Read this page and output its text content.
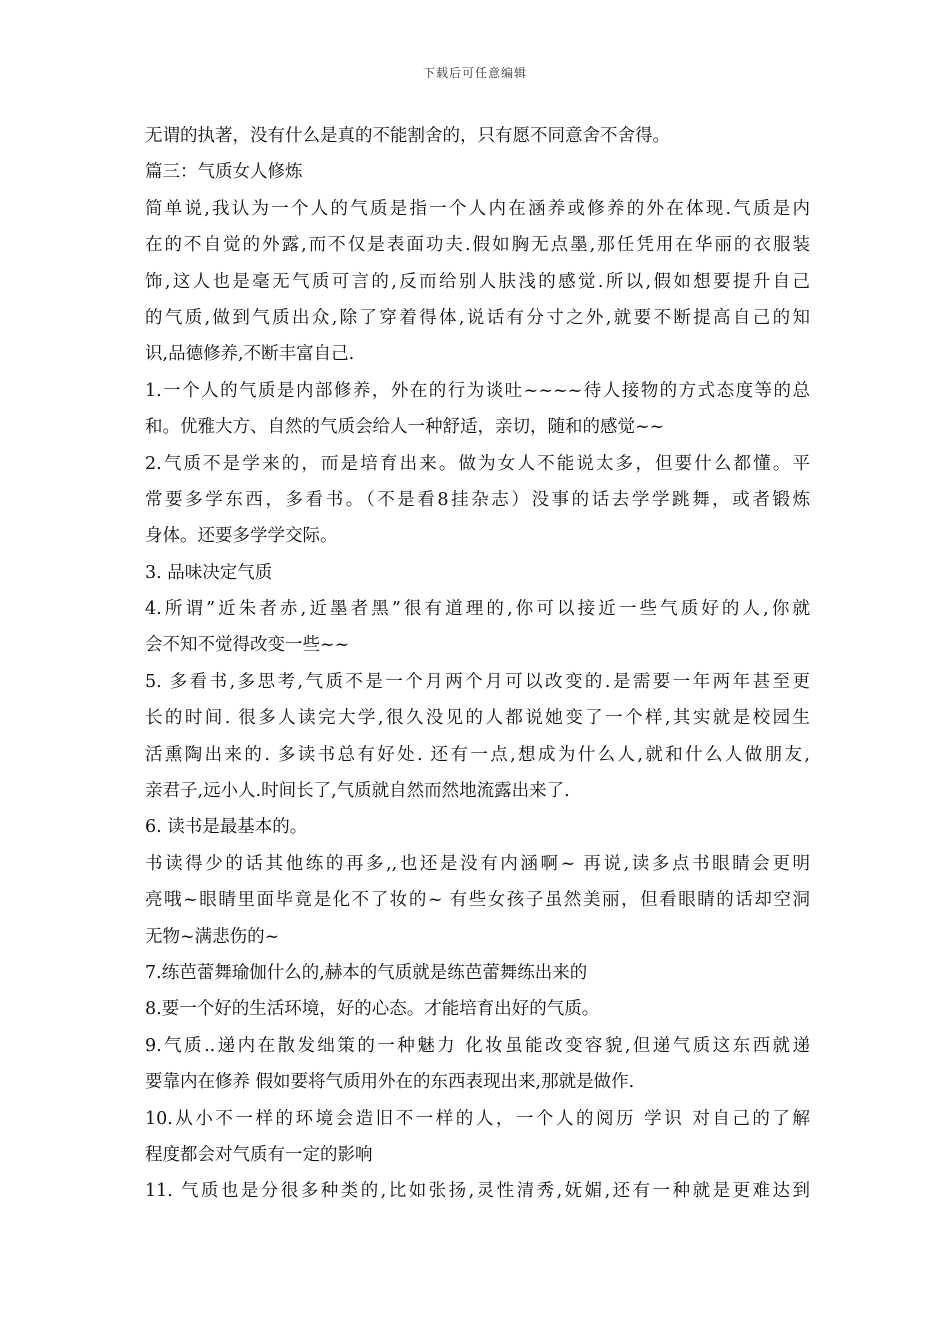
下载后可任意编辑
无谓的执著，没有什么是真的不能割舍的，只有愿不同意舍不舍得。
篇三：气质女人修炼
简单说,我认为一个人的气质是指一个人内在涵养或修养的外在体现.气质是内
在的不自觉的外露,而不仅是表面功夫.假如胸无点墨,那任凭用在华丽的衣服装
饰,这人也是毫无气质可言的,反而给别人肤浅的感觉.所以,假如想要提升自己
的气质,做到气质出众,除了穿着得体,说话有分寸之外,就要不断提高自己的知
识,品德修养,不断丰富自己.
1.一个人的气质是内部修养，外在的行为谈吐~~~~待人接物的方式态度等的总
和。优雅大方、自然的气质会给人一种舒适，亲切，随和的感觉~~
2.气质不是学来的，而是培育出来。做为女人不能说太多，但要什么都懂。平
常要多学东西，多看书。（不是看8挂杂志）没事的话去学学跳舞，或者锻炼
身体。还要多学学交际。
3. 品味决定气质
4.所谓”近朱者赤,近墨者黑”很有道理的,你可以接近一些气质好的人,你就
会不知不觉得改变一些~~
5. 多看书,多思考,气质不是一个月两个月可以改变的.是需要一年两年甚至更
长的时间. 很多人读完大学,很久没见的人都说她变了一个样,其实就是校园生
活熏陶出来的. 多读书总有好处. 还有一点,想成为什么人,就和什么人做朋友,
亲君子,远小人.时间长了,气质就自然而然地流露出来了.
6. 读书是最基本的。
书读得少的话其他练的再多,,也还是没有内涵啊~ 再说,读多点书眼睛会更明
亮哦~眼睛里面毕竟是化不了妆的~ 有些女孩子虽然美丽，但看眼睛的话却空洞
无物~满悲伤的~
7.练芭蕾舞瑜伽什么的,赫本的气质就是练芭蕾舞练出来的
8.要一个好的生活环境，好的心态。才能培育出好的气质。
9.气质..递内在散发绌策的一种魅力 化妆虽能改变容貌,但递气质这东西就递
要靠内在修养 假如要将气质用外在的东西表现出来,那就是做作.
10.从小不一样的环境会造旧不一样的人，一个人的阅历 学识 对自己的了解
程度都会对气质有一定的影响
11. 气质也是分很多种类的,比如张扬,灵性清秀,妩媚,还有一种就是更难达到
